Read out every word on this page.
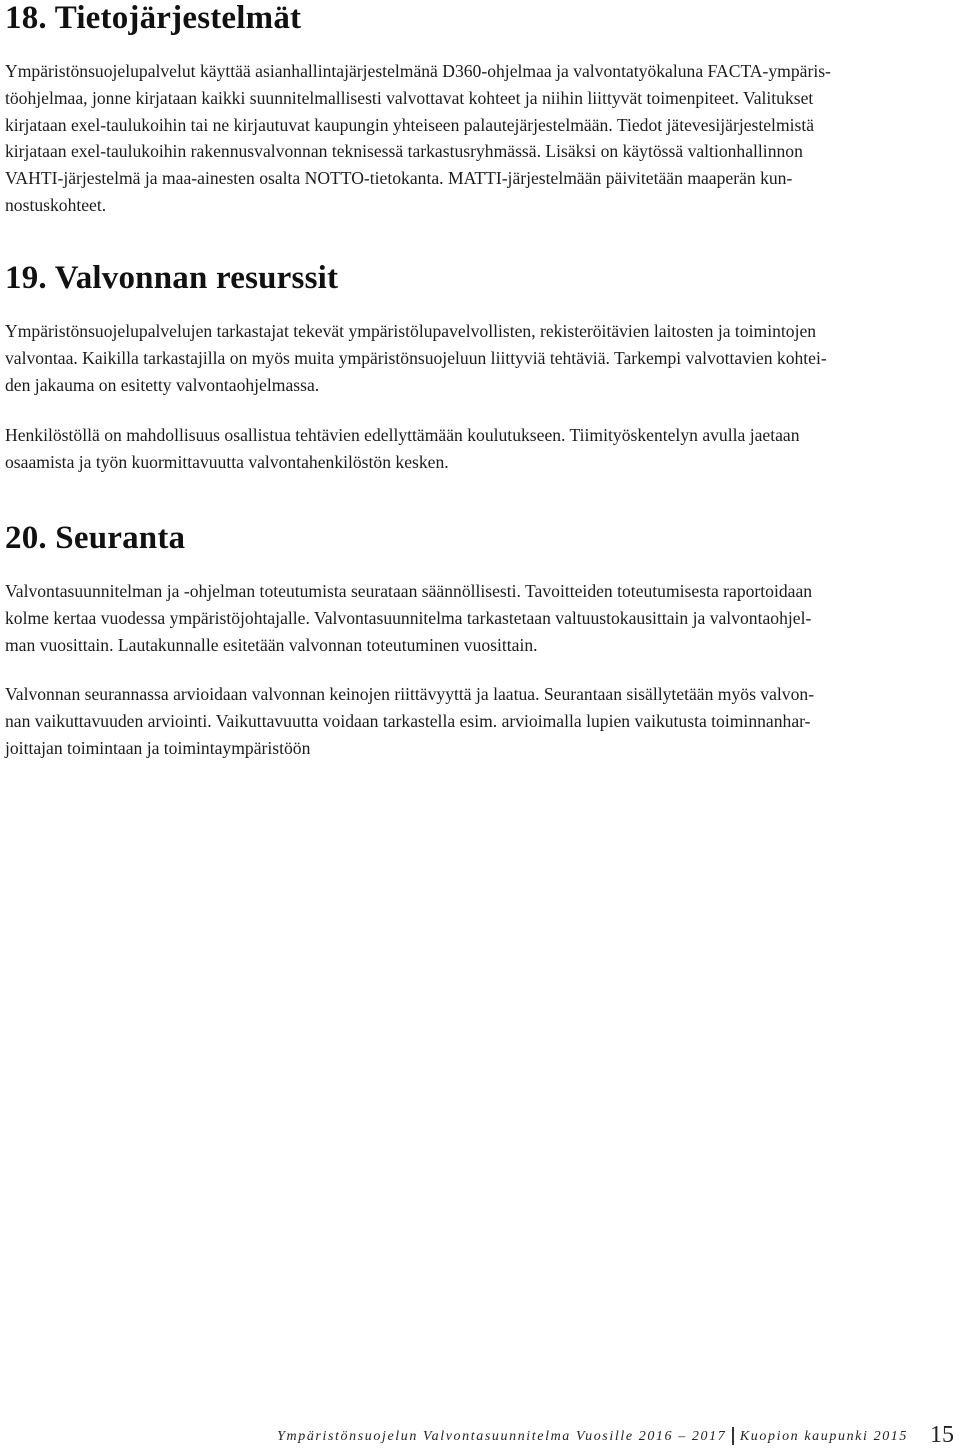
18. Tietojärjestelmät
Ympäristönsuojelupalvelut käyttää asianhallintajärjestelmänä D360-ohjelmaa ja valvontatyökaluna FACTA-ympäris-
töohjelmaa, jonne kirjataan kaikki suunnitelmallisesti valvottavat kohteet ja niihin liittyvät toimenpiteet. Valitukset
kirjataan exel-taulukoihin tai ne kirjautuvat kaupungin yhteiseen palautejärjestelmään. Tiedot jätevesijärjestelmistä
kirjataan exel-taulukoihin rakennusvalvonnan teknisessä tarkastusryhmässä. Lisäksi on käytössä valtionhallinnon
VAHTI-järjestelmä ja maa-ainesten osalta NOTTO-tietokanta. MATTI-järjestelmään päivitetään maaperän kun-
nostuskohteet.
19. Valvonnan resurssit
Ympäristönsuojelupalvelujen tarkastajat tekevät ympäristölupavelvollisten, rekisteröitävien laitosten ja toimintojen
valvontaa. Kaikilla tarkastajilla on myös muita ympäristönsuojeluun liittyviä tehtäviä. Tarkempi valvottavien kohtei-
den jakauma on esitetty valvontaohjelmassa.
Henkilöstöllä on mahdollisuus osallistua tehtävien edellyttämään koulutukseen. Tiimityöskentelyn avulla jaetaan
osaamista ja työn kuormittavuutta valvontahenkilöstön kesken.
20. Seuranta
Valvontasuunnitelman ja -ohjelman toteutumista seurataan säännöllisesti. Tavoitteiden toteutumisesta raportoidaan
kolme kertaa vuodessa ympäristöjohtajalle. Valvontasuunnitelma tarkastetaan valtuustokausittain ja valvontaohjel-
man vuosittain. Lautakunnalle esitetään valvonnan toteutuminen vuosittain.
Valvonnan seurannassa arvioidaan valvonnan keinojen riittävyyttä ja laatua. Seurantaan sisällytetään myös valvon-
nan vaikuttavuuden arviointi. Vaikuttavuutta voidaan tarkastella esim. arvioimalla lupien vaikutusta toiminnanhar-
joittajan toimintaan ja toimintaympäristöön
Ympäristönsuojelun Valvontasuunnitelma Vuosille 2016 – 2017 Kuopion kaupunki 2015 15
